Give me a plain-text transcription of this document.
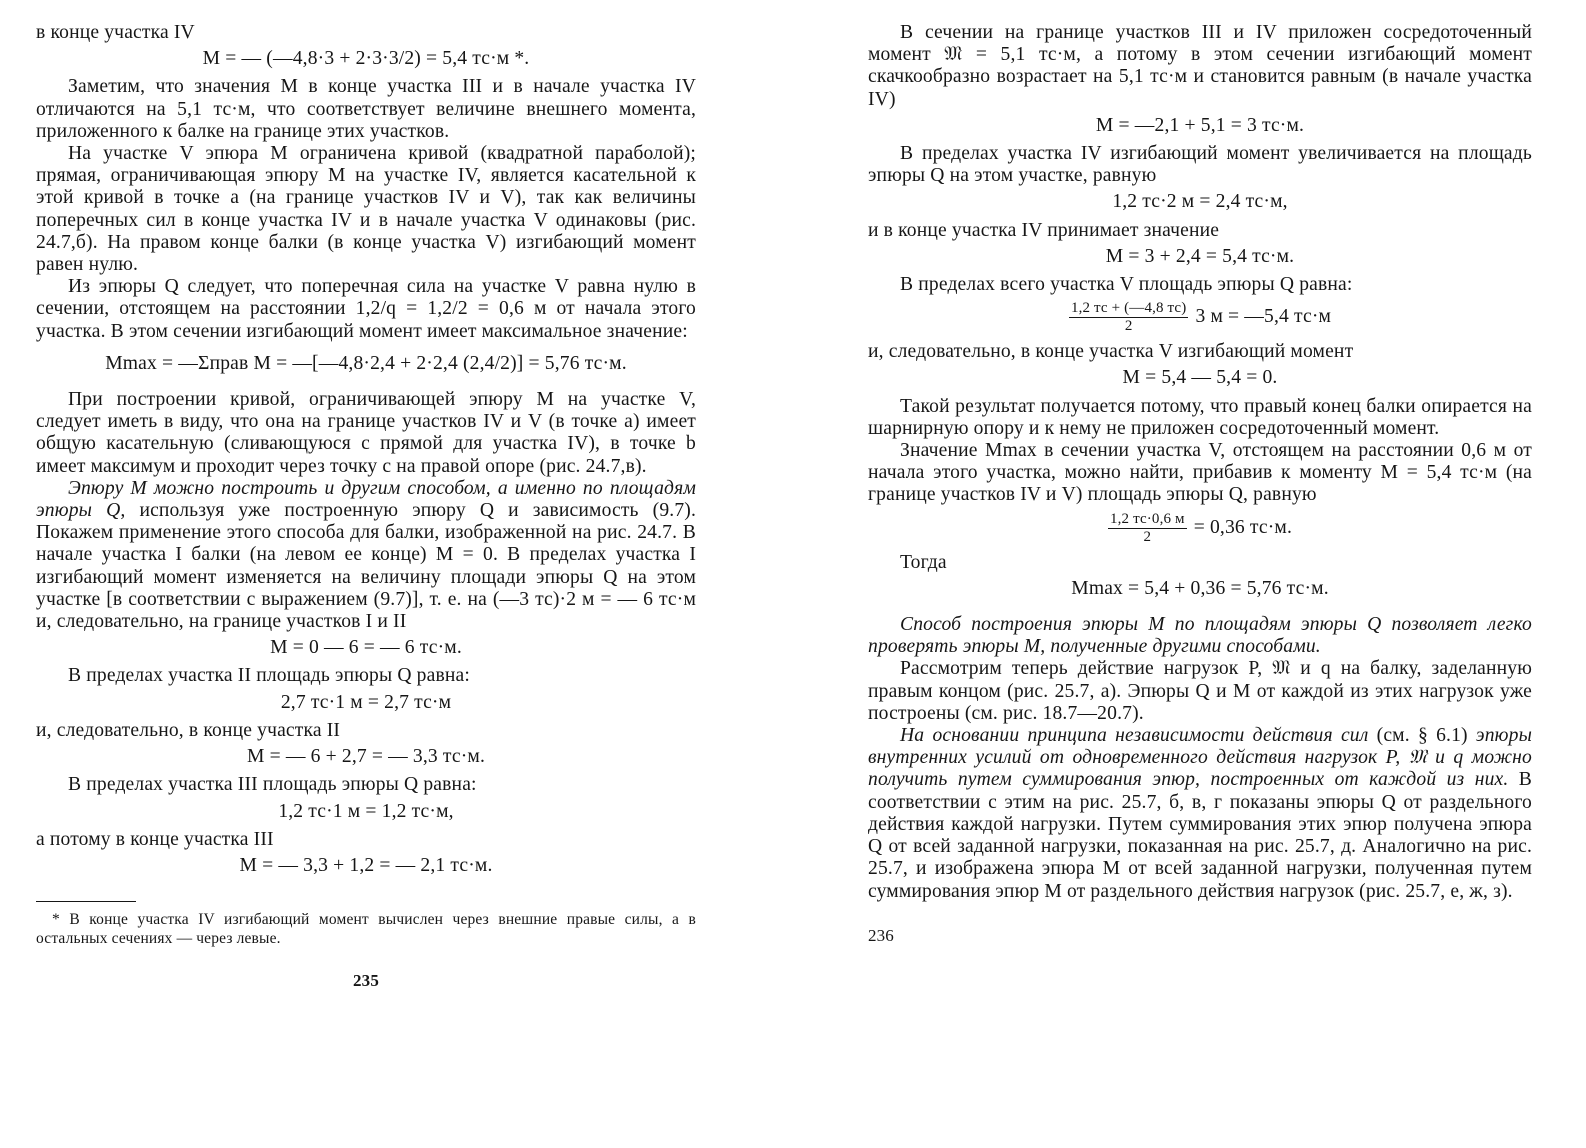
в конце участка IV

M = — (—4,8·3 + 2·3·3/2) = 5,4 тс·м *.

Заметим, что значения M в конце участка III и в начале участка IV отличаются на 5,1 тс·м, что соответствует величине внешнего момента, приложенного к балке на границе этих участков.

На участке V эпюра M ограничена кривой (квадратной параболой); прямая, ограничивающая эпюру M на участке IV, является касательной к этой кривой в точке a (на границе участков IV и V), так как величины поперечных сил в конце участка IV и в начале участка V одинаковы (рис. 24.7,б). На правом конце балки (в конце участка V) изгибающий момент равен нулю.

Из эпюры Q следует, что поперечная сила на участке V равна нулю в сечении, отстоящем на расстоянии 1,2/q = 1,2/2 = 0,6 м от начала этого участка. В этом сечении изгибающий момент имеет максимальное значение:

Mmax = —Σправ M = —[—4,8·2,4 + 2·2,4 (2,4/2)] = 5,76 тс·м.

При построении кривой, ограничивающей эпюру M на участке V, следует иметь в виду, что она на границе участков IV и V (в точке a) имеет общую касательную (сливающуюся с прямой для участка IV), в точке b имеет максимум и проходит через точку c на правой опоре (рис. 24.7,в).

Эпюру M можно построить и другим способом, а именно по площадям эпюры Q, используя уже построенную эпюру Q и зависимость (9.7). Покажем применение этого способа для балки, изображенной на рис. 24.7. В начале участка I балки (на левом ее конце) M = 0. В пределах участка I изгибающий момент изменяется на величину площади эпюры Q на этом участке [в соответствии с выражением (9.7)], т. е. на (—3 тс)·2 м = — 6 тс·м и, следовательно, на границе участков I и II

M = 0 — 6 = — 6 тс·м.

В пределах участка II площадь эпюры Q равна:

2,7 тс·1 м = 2,7 тс·м

и, следовательно, в конце участка II

M = — 6 + 2,7 = — 3,3 тс·м.

В пределах участка III площадь эпюры Q равна:

1,2 тс·1 м = 1,2 тс·м,

а потому в конце участка III

M = — 3,3 + 1,2 = — 2,1 тс·м.

* В конце участка IV изгибающий момент вычислен через внешние правые силы, а в остальных сечениях — через левые.

235

В сечении на границе участков III и IV приложен сосредоточенный момент 𝔐 = 5,1 тс·м, а потому в этом сечении изгибающий момент скачкообразно возрастает на 5,1 тс·м и становится равным (в начале участка IV)

M = —2,1 + 5,1 = 3 тс·м.

В пределах участка IV изгибающий момент увеличивается на площадь эпюры Q на этом участке, равную

1,2 тс·2 м = 2,4 тс·м,

и в конце участка IV принимает значение

M = 3 + 2,4 = 5,4 тс·м.

В пределах всего участка V площадь эпюры Q равна:

$\frac{1,2 тс + (—4,8 тс)}{2} 3$ м = —5,4 тс·м

и, следовательно, в конце участка V изгибающий момент

M = 5,4 — 5,4 = 0.

Такой результат получается потому, что правый конец балки опирается на шарнирную опору и к нему не приложен сосредоточенный момент.

Значение Mmax в сечении участка V, отстоящем на расстоянии 0,6 м от начала этого участка, можно найти, прибавив к моменту M = 5,4 тс·м (на границе участков IV и V) площадь эпюры Q, равную

$\frac{1,2 тс\cdot 0,6 м}{2} = 0,36$ тс·м.

Тогда

Mmax = 5,4 + 0,36 = 5,76 тс·м.

Способ построения эпюры M по площадям эпюры Q позволяет легко проверять эпюры M, полученные другими способами.

Рассмотрим теперь действие нагрузок P, 𝔐 и q на балку, заделанную правым концом (рис. 25.7, а). Эпюры Q и M от каждой из этих нагрузок уже построены (см. рис. 18.7—20.7).

На основании принципа независимости действия сил (см. § 6.1) эпюры внутренних усилий от одновременного действия нагрузок P, 𝔐 и q можно получить путем суммирования эпюр, построенных от каждой из них. В соответствии с этим на рис. 25.7, б, в, г показаны эпюры Q от раздельного действия каждой нагрузки. Путем суммирования этих эпюр получена эпюра Q от всей заданной нагрузки, показанная на рис. 25.7, д. Аналогично на рис. 25.7, и изображена эпюра M от всей заданной нагрузки, полученная путем суммирования эпюр M от раздельного действия нагрузок (рис. 25.7, е, ж, з).

236
